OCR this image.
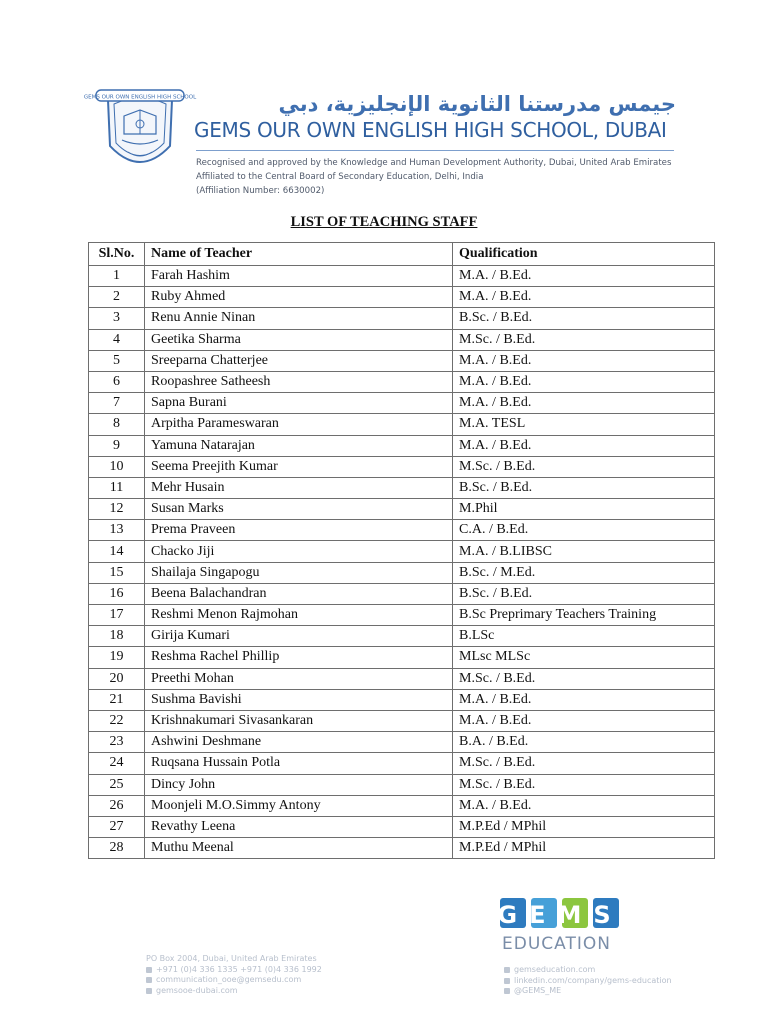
GEMS OUR OWN ENGLISH HIGH SCHOOL	جيمس مدرستنا الثانوية الإنجليزية، دبي
GEMS OUR OWN ENGLISH HIGH SCHOOL, DUBAI
Recognised and approved by the Knowledge and Human Development Authority, Dubai, United Arab Emirates
Affiliated to the Central Board of Secondary Education, Delhi, India
(Affiliation Number: 6630002)
LIST OF TEACHING STAFF
Sl.No.	Name of Teacher	Qualification
1	Farah Hashim	M.A. / B.Ed.
2	Ruby Ahmed	M.A. / B.Ed.
3	Renu Annie Ninan	B.Sc. / B.Ed.
4	Geetika Sharma	M.Sc. / B.Ed.
5	Sreeparna Chatterjee	M.A. / B.Ed.
6	Roopashree Satheesh	M.A. / B.Ed.
7	Sapna Burani	M.A. / B.Ed.
8	Arpitha Parameswaran	M.A. TESL
9	Yamuna Natarajan	M.A. / B.Ed.
10	Seema Preejith Kumar	M.Sc. / B.Ed.
11	Mehr Husain	B.Sc. / B.Ed.
12	Susan Marks	M.Phil
13	Prema Praveen	C.A. / B.Ed.
14	Chacko Jiji	M.A. / B.LIBSC
15	Shailaja Singapogu	B.Sc. / M.Ed.
16	Beena Balachandran	B.Sc. / B.Ed.
17	Reshmi Menon Rajmohan	B.Sc Preprimary Teachers Training
18	Girija Kumari	B.LSc
19	Reshma Rachel Phillip	MLsc MLSc
20	Preethi Mohan	M.Sc. / B.Ed.
21	Sushma Bavishi	M.A. / B.Ed.
22	Krishnakumari Sivasankaran	M.A. / B.Ed.
23	Ashwini Deshmane	B.A. / B.Ed.
24	Ruqsana Hussain Potla	M.Sc. / B.Ed.
25	Dincy John	M.Sc. / B.Ed.
26	Moonjeli M.O.Simmy Antony	M.A. / B.Ed.
27	Revathy Leena	M.P.Ed / MPhil
28	Muthu Meenal	M.P.Ed / MPhil
GEMS
EDUCATION
PO Box 2004, Dubai, United Arab Emirates
+971 (0)4 336 1335 +971 (0)4 336 1992
communication_ooe@gemsedu.com
gemsooe-dubai.com
gemseducation.com
linkedin.com/company/gems-education
@GEMS_ME
